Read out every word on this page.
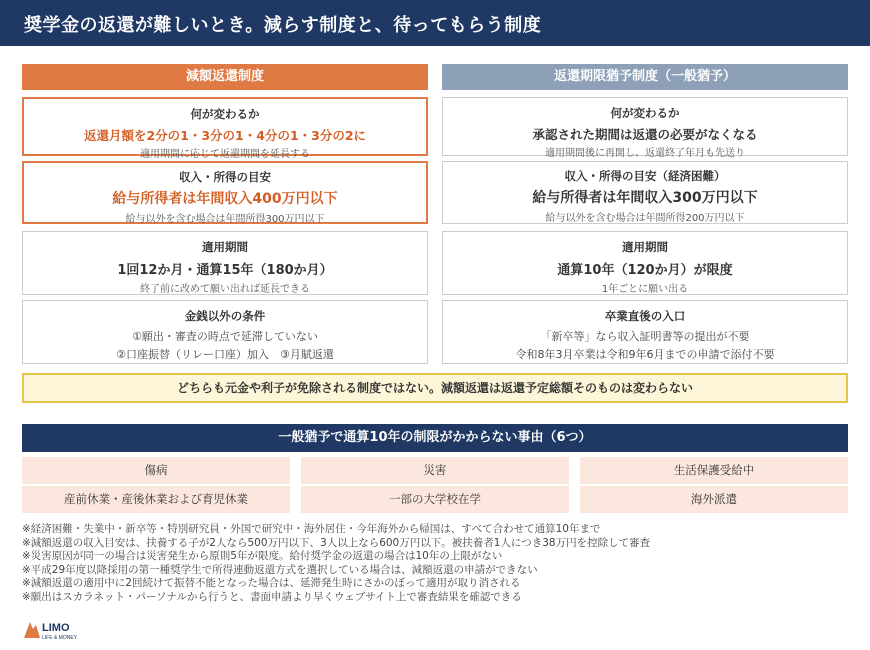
奨学金の返還が難しいとき。減らす制度と、待ってもらう制度
減額返還制度	返還期限猶予制度（一般猶予）
何が変わるか
返還月額を2分の1・3分の1・4分の1・3分の2に
適用期間に応じて返還期間を延長する
収入・所得の目安
給与所得者は年間収入400万円以下
給与以外を含む場合は年間所得300万円以下
適用期間
1回12か月・通算15年（180か月）
終了前に改めて願い出れば延長できる
金銭以外の条件
①願出・審査の時点で延滞していない
②口座振替（リレー口座）加入　③月賦返還
何が変わるか
承認された期間は返還の必要がなくなる
適用期間後に再開し、返還終了年月も先送り
収入・所得の目安（経済困難）
給与所得者は年間収入300万円以下
給与以外を含む場合は年間所得200万円以下
適用期間
通算10年（120か月）が限度
1年ごとに願い出る
卒業直後の入口
「新卒等」なら収入証明書等の提出が不要
令和8年3月卒業は令和9年6月までの申請で添付不要
どちらも元金や利子が免除される制度ではない。減額返還は返還予定総額そのものは変わらない
一般猶予で通算10年の制限がかからない事由（6つ）
傷病	災害	生活保護受給中
産前休業・産後休業および育児休業	一部の大学校在学	海外派遣
※経済困難・失業中・新卒等・特別研究員・外国で研究中・海外居住・今年海外から帰国は、すべて合わせて通算10年まで
※減額返還の収入目安は、扶養する子が2人なら500万円以下、3人以上なら600万円以下。被扶養者1人につき38万円を控除して審査
※災害原因が同一の場合は災害発生から原則5年が限度。給付奨学金の返還の場合は10年の上限がない
※平成29年度以降採用の第一種奨学生で所得連動返還方式を選択している場合は、減額返還の申請ができない
※減額返還の適用中に2回続けて振替不能となった場合は、延滞発生時にさかのぼって適用が取り消される
※願出はスカラネット・パーソナルから行うと、書面申請より早くウェブサイト上で審査結果を確認できる
LIMO
LIFE & MONEY
